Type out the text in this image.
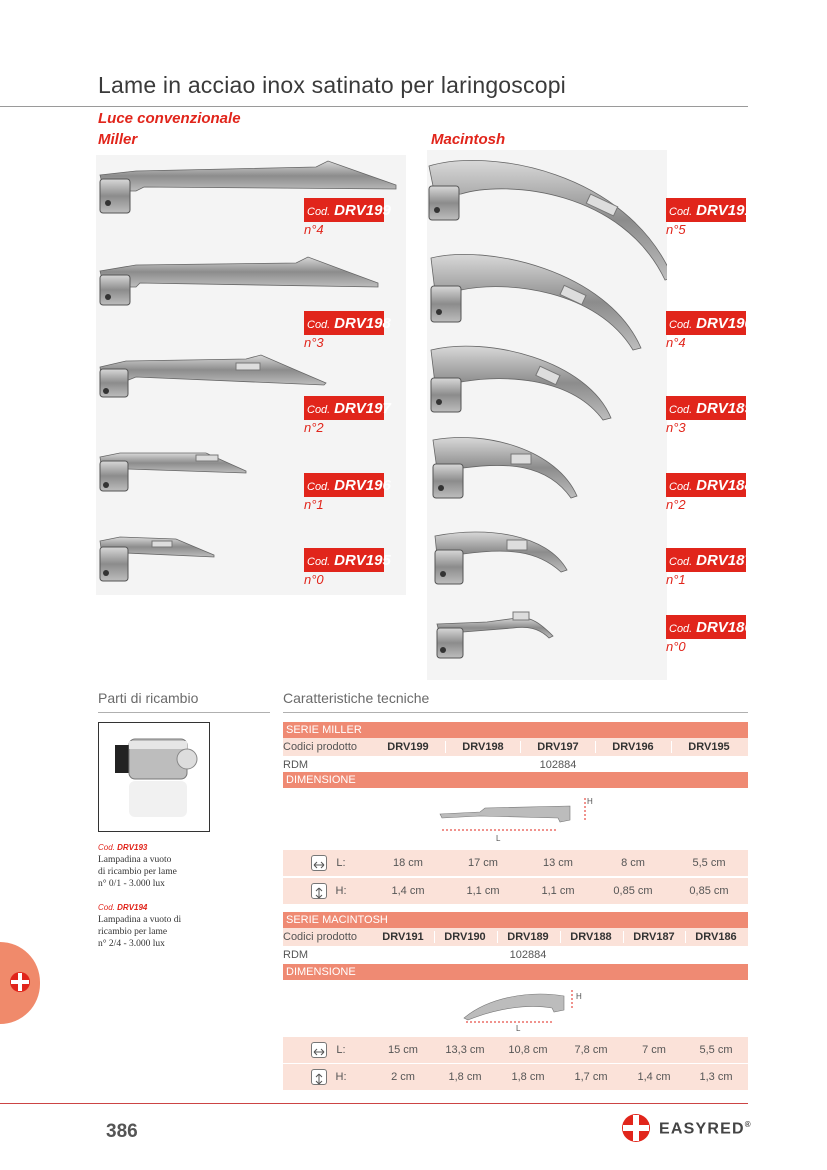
Lame in acciao inox satinato per laringoscopi
Luce convenzionale
Miller	Macintosh
Cod. DRV199
n°4
Cod. DRV198
n°3
Cod. DRV197
n°2
Cod. DRV196
n°1
Cod. DRV195
n°0
Cod. DRV191
n°5
Cod. DRV190
n°4
Cod. DRV189
n°3
Cod. DRV188
n°2
Cod. DRV187
n°1
Cod. DRV186
n°0
Parti di ricambio
Cod. DRV193
Lampadina a vuoto
di ricambio per lame
n° 0/1 - 3.000 lux
Cod. DRV194
Lampadina a vuoto di
ricambio per lame
n° 2/4 - 3.000 lux
Caratteristiche tecniche
SERIE MILLER
Codici prodotto	DRV199	DRV198	DRV197	DRV196	DRV195
RDM	102884
DIMENSIONE
H
L
L:	18 cm	17 cm	13 cm	8 cm	5,5 cm
H:	1,4 cm	1,1 cm	1,1 cm	0,85 cm	0,85 cm
SERIE MACINTOSH
Codici prodotto	DRV191	DRV190	DRV189	DRV188	DRV187	DRV186
RDM	102884
DIMENSIONE
H
L
L:	15 cm	13,3 cm	10,8 cm	7,8 cm	7 cm	5,5 cm
H:	2 cm	1,8 cm	1,8 cm	1,7 cm	1,4 cm	1,3 cm
386	EASYRED®
